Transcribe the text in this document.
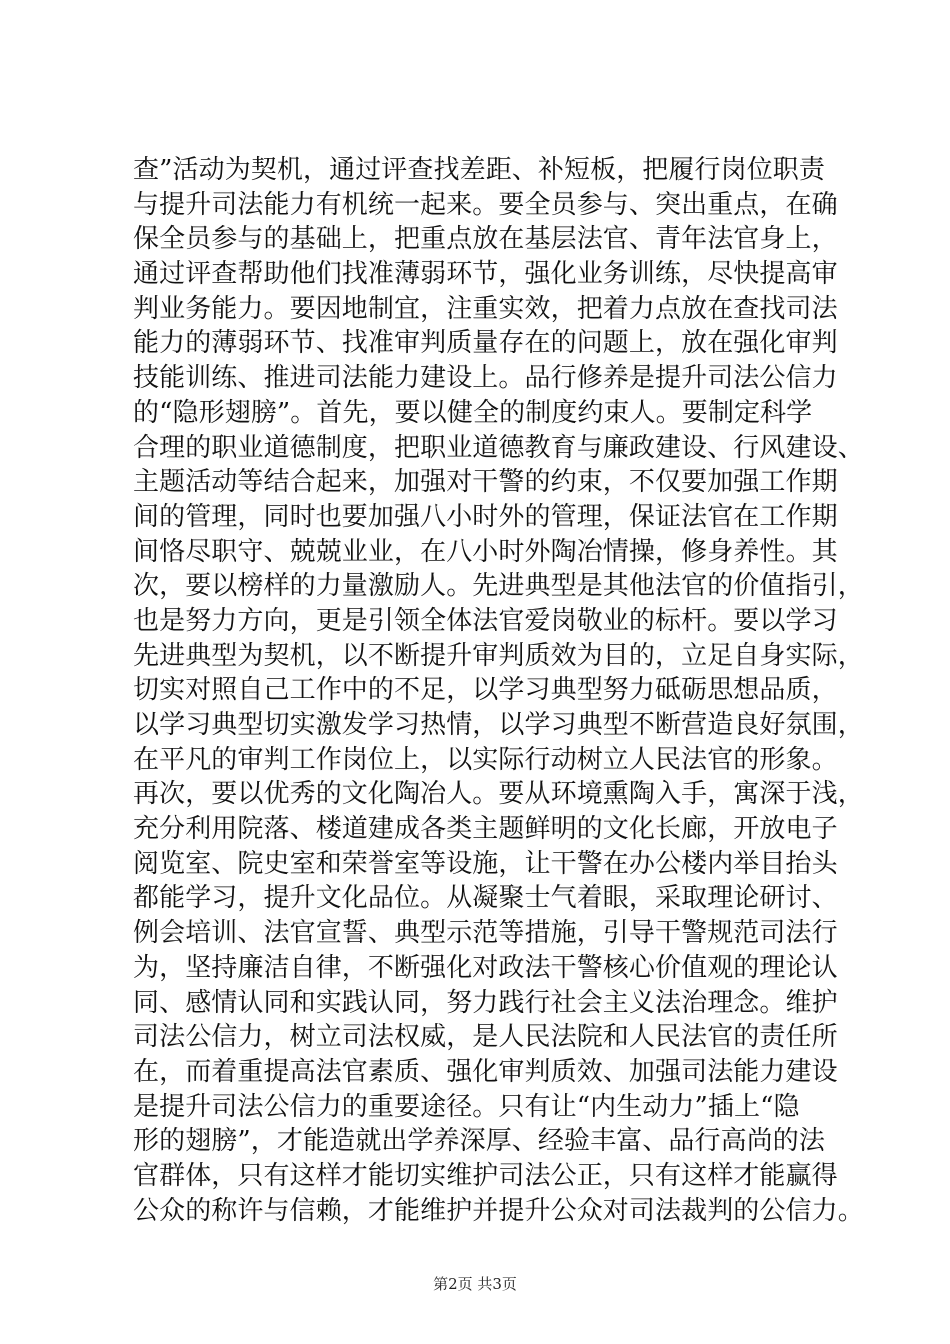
查”活动为契机，通过评查找差距、补短板，把履行岗位职责
与提升司法能力有机统一起来。要全员参与、突出重点，在确
保全员参与的基础上，把重点放在基层法官、青年法官身上，
通过评查帮助他们找准薄弱环节，强化业务训练，尽快提高审
判业务能力。要因地制宜，注重实效，把着力点放在查找司法
能力的薄弱环节、找准审判质量存在的问题上，放在强化审判
技能训练、推进司法能力建设上。品行修养是提升司法公信力
的“隐形翅膀”。首先，要以健全的制度约束人。要制定科学
合理的职业道德制度，把职业道德教育与廉政建设、行风建设、
主题活动等结合起来，加强对干警的约束，不仅要加强工作期
间的管理，同时也要加强八小时外的管理，保证法官在工作期
间恪尽职守、兢兢业业，在八小时外陶冶情操，修身养性。其
次，要以榜样的力量激励人。先进典型是其他法官的价值指引，
也是努力方向，更是引领全体法官爱岗敬业的标杆。要以学习
先进典型为契机，以不断提升审判质效为目的，立足自身实际，
切实对照自己工作中的不足，以学习典型努力砥砺思想品质，
以学习典型切实激发学习热情，以学习典型不断营造良好氛围，
在平凡的审判工作岗位上，以实际行动树立人民法官的形象。
再次，要以优秀的文化陶冶人。要从环境熏陶入手，寓深于浅，
充分利用院落、楼道建成各类主题鲜明的文化长廊，开放电子
阅览室、院史室和荣誉室等设施，让干警在办公楼内举目抬头
都能学习，提升文化品位。从凝聚士气着眼，采取理论研讨、
例会培训、法官宣誓、典型示范等措施，引导干警规范司法行
为，坚持廉洁自律，不断强化对政法干警核心价值观的理论认
同、感情认同和实践认同，努力践行社会主义法治理念。维护
司法公信力，树立司法权威，是人民法院和人民法官的责任所
在，而着重提高法官素质、强化审判质效、加强司法能力建设
是提升司法公信力的重要途径。只有让“内生动力”插上“隐
形的翅膀”，才能造就出学养深厚、经验丰富、品行高尚的法
官群体，只有这样才能切实维护司法公正，只有这样才能赢得
公众的称许与信赖，才能维护并提升公众对司法裁判的公信力。
第2页 共3页
